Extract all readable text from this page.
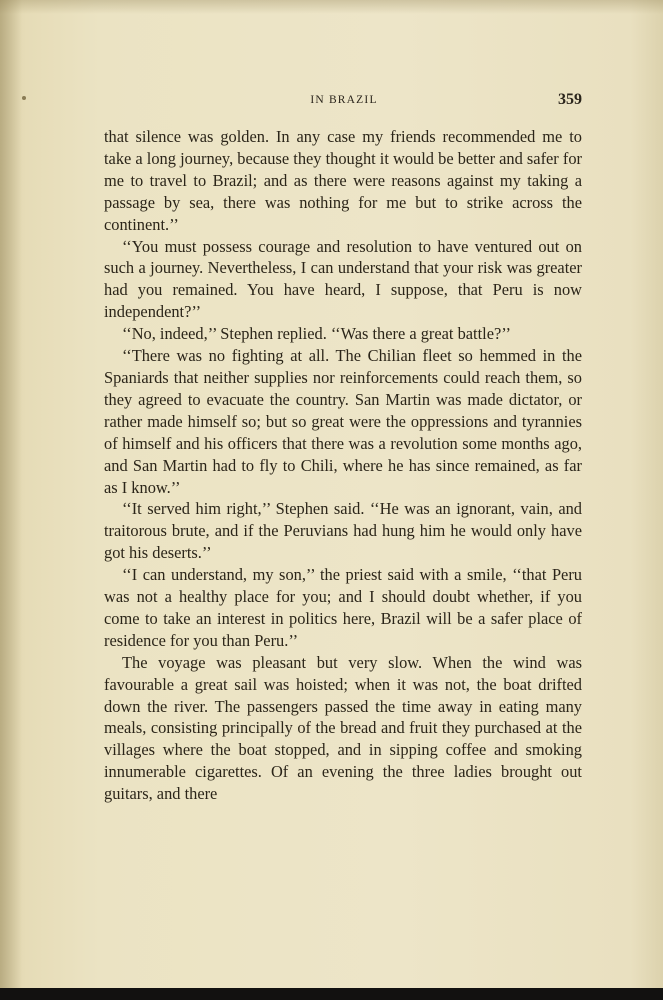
IN BRAZIL	359

that silence was golden. In any case my friends recommended me to take a long journey, because they thought it would be better and safer for me to travel to Brazil; and as there were reasons against my taking a passage by sea, there was nothing for me but to strike across the continent.’’

‘‘You must possess courage and resolution to have ventured out on such a journey. Nevertheless, I can understand that your risk was greater had you remained. You have heard, I suppose, that Peru is now independent?’’

‘‘No, indeed,’’ Stephen replied. ‘‘Was there a great battle?’’

‘‘There was no fighting at all. The Chilian fleet so hemmed in the Spaniards that neither supplies nor reinforcements could reach them, so they agreed to evacuate the country. San Martin was made dictator, or rather made himself so; but so great were the oppressions and tyrannies of himself and his officers that there was a revolution some months ago, and San Martin had to fly to Chili, where he has since remained, as far as I know.’’

‘‘It served him right,’’ Stephen said. ‘‘He was an ignorant, vain, and traitorous brute, and if the Peruvians had hung him he would only have got his deserts.’’

‘‘I can understand, my son,’’ the priest said with a smile, ‘‘that Peru was not a healthy place for you; and I should doubt whether, if you come to take an interest in politics here, Brazil will be a safer place of residence for you than Peru.’’

The voyage was pleasant but very slow. When the wind was favourable a great sail was hoisted; when it was not, the boat drifted down the river. The passengers passed the time away in eating many meals, consisting principally of the bread and fruit they purchased at the villages where the boat stopped, and in sipping coffee and smoking innumerable cigarettes. Of an evening the three ladies brought out guitars, and there
